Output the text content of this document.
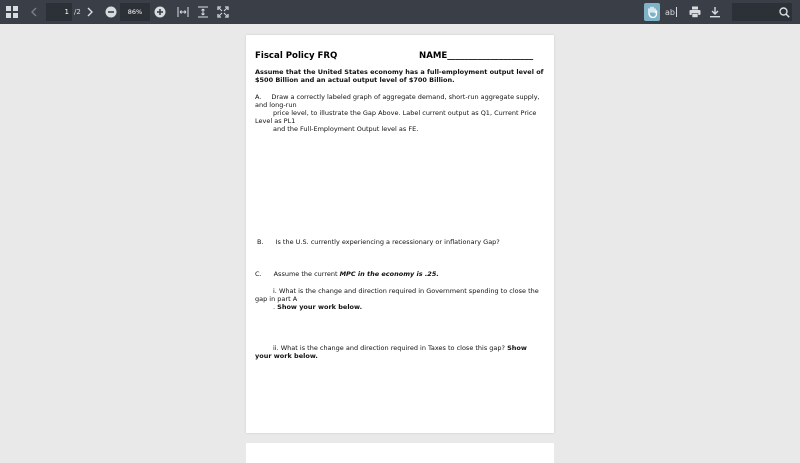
1 /2	86%	ab
Fiscal Policy FRQ	NAME____________________
Assume that the United States economy has a full-employment output level of $500 Billion and an actual output level of $700 Billion.
A. Draw a correctly labeled graph of aggregate demand, short-run aggregate supply, and long-run
price level, to illustrate the Gap Above. Label current output as Q1, Current Price Level as PL1
and the Full-Employment Output level as FE.
B. Is the U.S. currently experiencing a recessionary or inflationary Gap?
C. Assume the current MPC in the economy is .25.
i. What is the change and direction required in Government spending to close the gap in part A
. Show your work below.
ii. What is the change and direction required in Taxes to close this gap? Show your work below.
